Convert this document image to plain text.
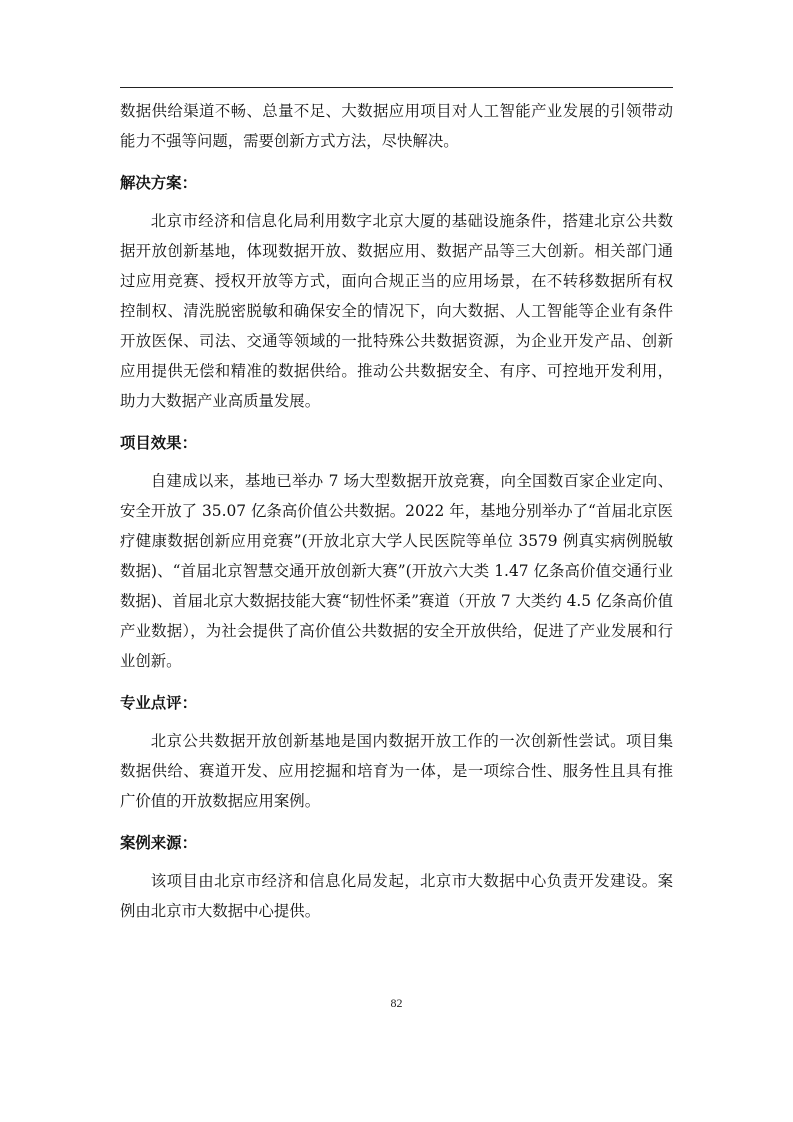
数据供给渠道不畅、总量不足、大数据应用项目对人工智能产业发展的引领带动能力不强等问题，需要创新方式方法，尽快解决。

解决方案：

北京市经济和信息化局利用数字北京大厦的基础设施条件，搭建北京公共数据开放创新基地，体现数据开放、数据应用、数据产品等三大创新。相关部门通过应用竞赛、授权开放等方式，面向合规正当的应用场景，在不转移数据所有权控制权、清洗脱密脱敏和确保安全的情况下，向大数据、人工智能等企业有条件开放医保、司法、交通等领域的一批特殊公共数据资源，为企业开发产品、创新应用提供无偿和精准的数据供给。推动公共数据安全、有序、可控地开发利用，助力大数据产业高质量发展。

项目效果：

自建成以来，基地已举办 7 场大型数据开放竞赛，向全国数百家企业定向、安全开放了 35.07 亿条高价值公共数据。2022 年，基地分别举办了“首届北京医疗健康数据创新应用竞赛”(开放北京大学人民医院等单位 3579 例真实病例脱敏数据)、“首届北京智慧交通开放创新大赛”(开放六大类 1.47 亿条高价值交通行业数据)、首届北京大数据技能大赛“韧性怀柔”赛道（开放 7 大类约 4.5 亿条高价值产业数据），为社会提供了高价值公共数据的安全开放供给，促进了产业发展和行业创新。

专业点评：

北京公共数据开放创新基地是国内数据开放工作的一次创新性尝试。项目集数据供给、赛道开发、应用挖掘和培育为一体，是一项综合性、服务性且具有推广价值的开放数据应用案例。

案例来源：

该项目由北京市经济和信息化局发起，北京市大数据中心负责开发建设。案例由北京市大数据中心提供。

82
